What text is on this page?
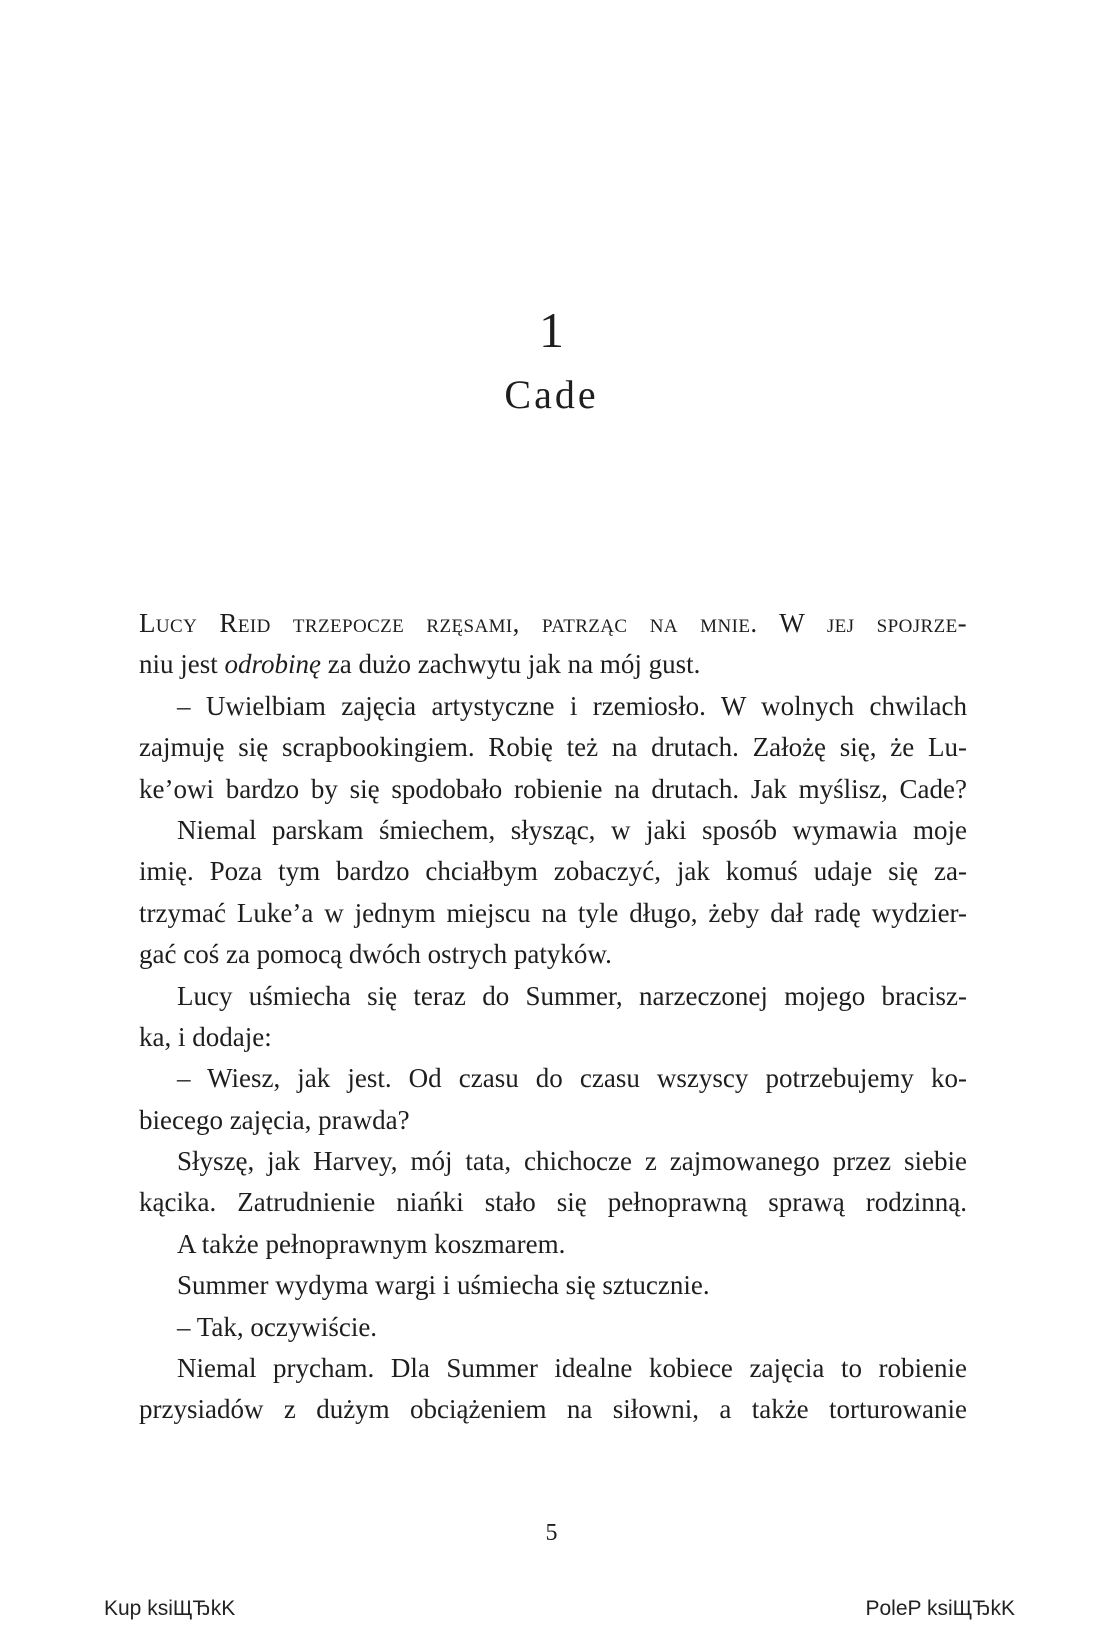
1
Cade
Lucy Reid trzepocze rzęsami, patrząc na mnie. W jej spojrze-
niu jest odrobinę za dużo zachwytu jak na mój gust.
– Uwielbiam zajęcia artystyczne i rzemiosło. W wolnych chwilach
zajmuję się scrapbookingiem. Robię też na drutach. Założę się, że Lu-
ke’owi bardzo by się spodobało robienie na drutach. Jak myślisz, Cade?
Niemal parskam śmiechem, słysząc, w jaki sposób wymawia moje
imię. Poza tym bardzo chciałbym zobaczyć, jak komuś udaje się za-
trzymać Luke’a w jednym miejscu na tyle długo, żeby dał radę wydzier-
gać coś za pomocą dwóch ostrych patyków.
Lucy uśmiecha się teraz do Summer, narzeczonej mojego bracisz-
ka, i dodaje:
– Wiesz, jak jest. Od czasu do czasu wszyscy potrzebujemy ko-
biecego zajęcia, prawda?
Słyszę, jak Harvey, mój tata, chichocze z zajmowanego przez siebie
kącika. Zatrudnienie niańki stało się pełnoprawną sprawą rodzinną.
A także pełnoprawnym koszmarem.
Summer wydyma wargi i uśmiecha się sztucznie.
– Tak, oczywiście.
Niemal prycham. Dla Summer idealne kobiece zajęcia to robienie
przysiadów z dużym obciążeniem na siłowni, a także torturowanie
5
Kup ksiЩЂkK	PoleP ksiЩЂkK
